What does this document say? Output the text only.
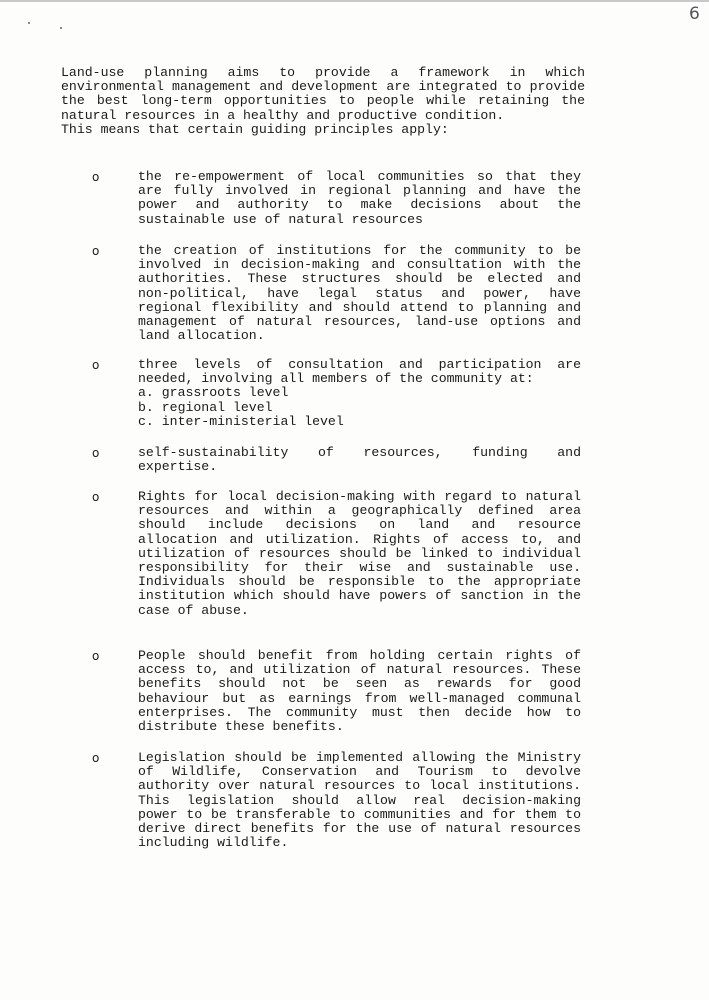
6

Land-use planning aims to provide a framework in which environmental management and development are integrated to provide the best long-term opportunities to people while retaining the natural resources in a healthy and productive condition.

This means that certain guiding principles apply:

o	the re-empowerment of local communities so that they are fully involved in regional planning and have the power and authority to make decisions about the sustainable use of natural resources

o	the creation of institutions for the community to be involved in decision-making and consultation with the authorities. These structures should be elected and non-political, have legal status and power, have regional flexibility and should attend to planning and management of natural resources, land-use options and land allocation.

o	three levels of consultation and participation are needed, involving all members of the community at:

a. grassroots level
b. regional level
c. inter-ministerial level
o	self-sustainability of resources, funding and expertise.

o	Rights for local decision-making with regard to natural resources and within a geographically defined area should include decisions on land and resource allocation and utilization. Rights of access to, and utilization of resources should be linked to individual responsibility for their wise and sustainable use. Individuals should be responsible to the appropriate institution which should have powers of sanction in the case of abuse.

o	People should benefit from holding certain rights of access to, and utilization of natural resources. These benefits should not be seen as rewards for good behaviour but as earnings from well-managed communal enterprises. The community must then decide how to distribute these benefits.

o	Legislation should be implemented allowing the Ministry of Wildlife, Conservation and Tourism to devolve authority over natural resources to local institutions. This legislation should allow real decision-making power to be transferable to communities and for them to derive direct benefits for the use of natural resources including wildlife.
